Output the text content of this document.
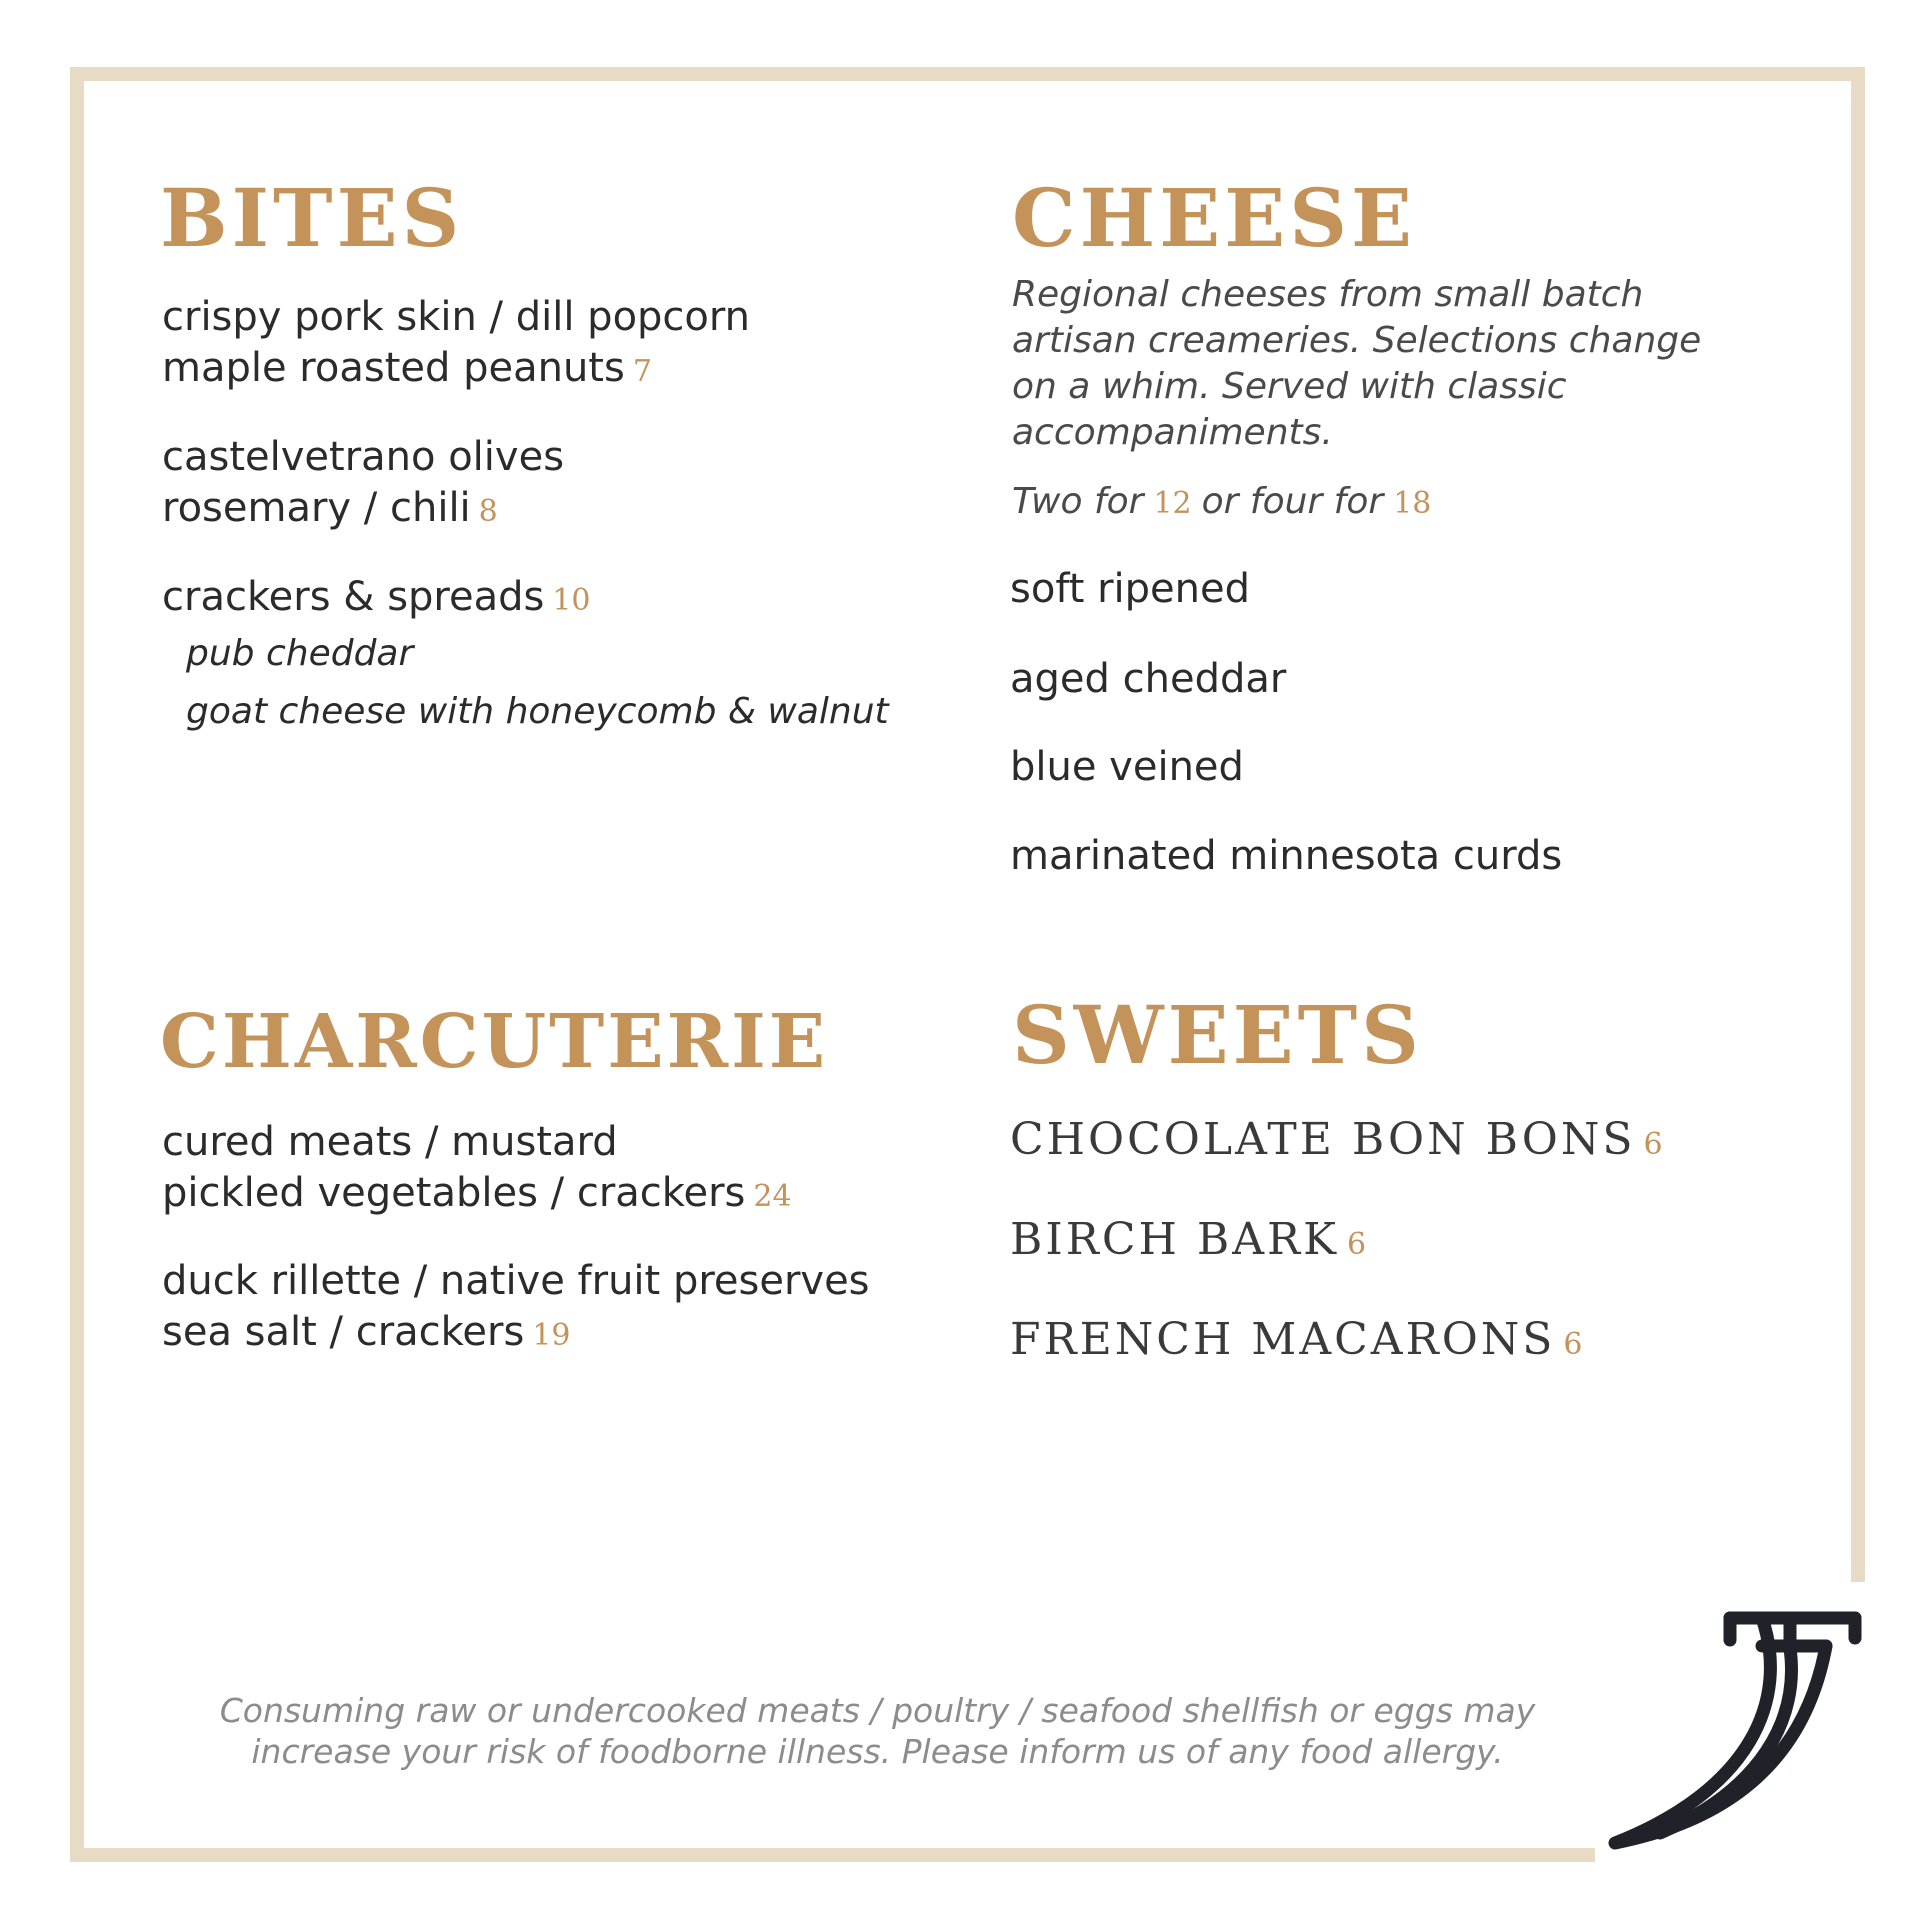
BITES

crispy pork skin / dill popcorn
maple roasted peanuts 7

castelvetrano olives
rosemary / chili 8

crackers & spreads 10

pub cheddar

goat cheese with honeycomb & walnut

CHEESE

Regional cheeses from small batch

artisan creameries. Selections change

on a whim. Served with classic

accompaniments.

Two for 12 or four for 18

soft ripened

aged cheddar

blue veined

marinated minnesota curds

CHARCUTERIE

cured meats / mustard
pickled vegetables / crackers 24

duck rillette / native fruit preserves
sea salt / crackers 19

SWEETS

CHOCOLATE BON BONS 6

BIRCH BARK 6

FRENCH MACARONS 6

Consuming raw or undercooked meats / poultry / seafood shellfish or eggs may

increase your risk of foodborne illness. Please inform us of any food allergy.
